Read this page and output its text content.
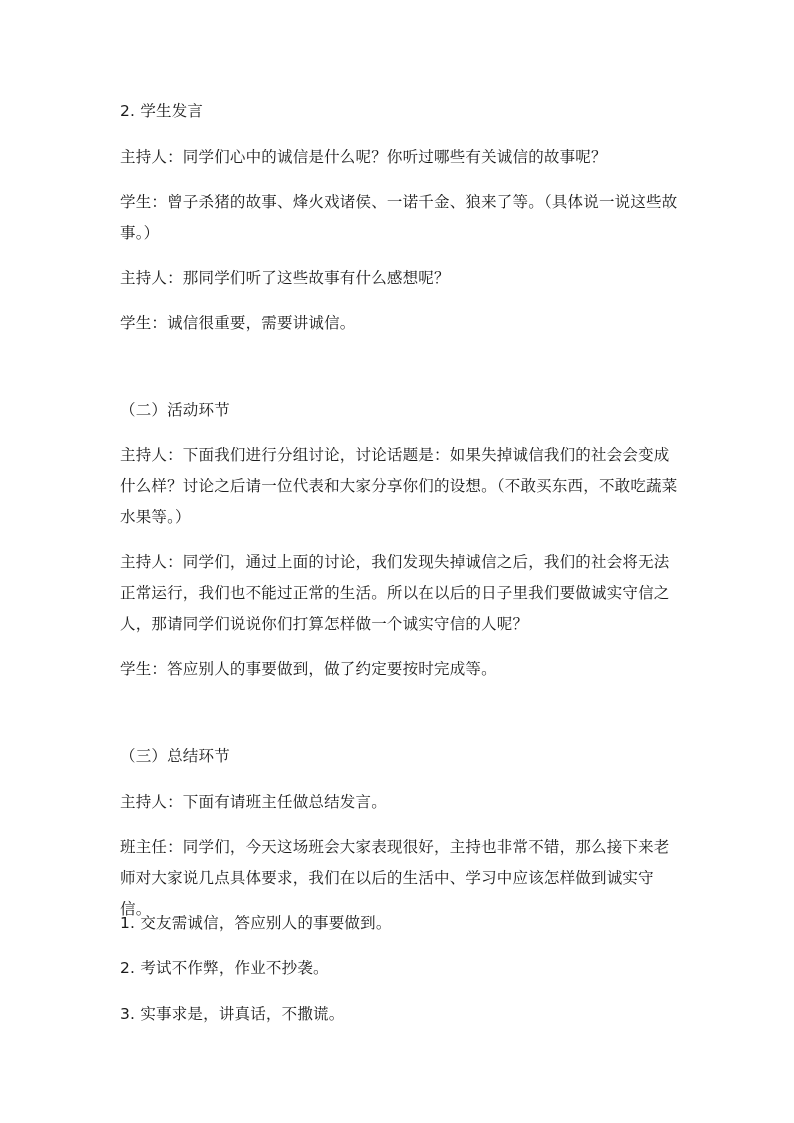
2. 学生发言

主持人：同学们心中的诚信是什么呢？你听过哪些有关诚信的故事呢？

学生：曾子杀猪的故事、烽火戏诸侯、一诺千金、狼来了等。（具体说一说这些故事。）

主持人：那同学们听了这些故事有什么感想呢？

学生：诚信很重要，需要讲诚信。

（二）活动环节

主持人：下面我们进行分组讨论，讨论话题是：如果失掉诚信我们的社会会变成什么样？讨论之后请一位代表和大家分享你们的设想。（不敢买东西，不敢吃蔬菜水果等。）

主持人：同学们，通过上面的讨论，我们发现失掉诚信之后，我们的社会将无法正常运行，我们也不能过正常的生活。所以在以后的日子里我们要做诚实守信之人，那请同学们说说你们打算怎样做一个诚实守信的人呢？

学生：答应别人的事要做到，做了约定要按时完成等。

（三）总结环节

主持人：下面有请班主任做总结发言。

班主任：同学们，今天这场班会大家表现很好，主持也非常不错，那么接下来老师对大家说几点具体要求，我们在以后的生活中、学习中应该怎样做到诚实守信。

1. 交友需诚信，答应别人的事要做到。

2. 考试不作弊，作业不抄袭。

3. 实事求是，讲真话，不撒谎。
